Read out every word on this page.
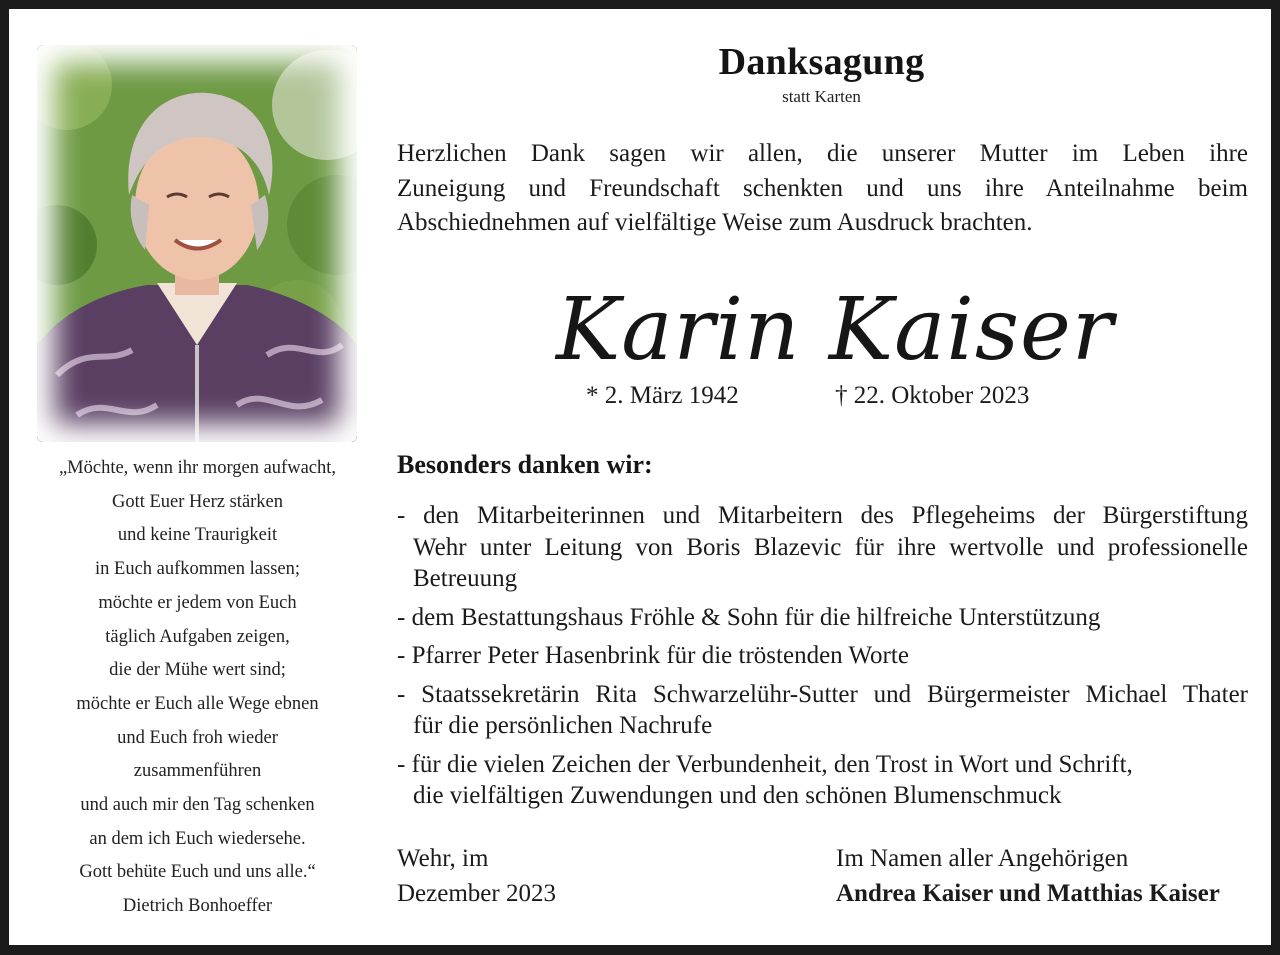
„Möchte, wenn ihr morgen aufwacht,
Gott Euer Herz stärken
und keine Traurigkeit
in Euch aufkommen lassen;
möchte er jedem von Euch
täglich Aufgaben zeigen,
die der Mühe wert sind;
möchte er Euch alle Wege ebnen
und Euch froh wieder
zusammenführen
und auch mir den Tag schenken
an dem ich Euch wiedersehe.
Gott behüte Euch und uns alle.“
Dietrich Bonhoeffer
Danksagung
statt Karten
Herzlichen Dank sagen wir allen, die unserer Mutter im Leben ihre
Zuneigung und Freundschaft schenkten und uns ihre Anteilnahme beim
Abschiednehmen auf vielfältige Weise zum Ausdruck brachten.
Karin Kaiser
* 2. März 1942	† 22. Oktober 2023
Besonders danken wir:
- den Mitarbeiterinnen und Mitarbeitern des Pflegeheims der Bürgerstiftung
Wehr unter Leitung von Boris Blazevic für ihre wertvolle und professionelle
Betreuung
- dem Bestattungshaus Fröhle & Sohn für die hilfreiche Unterstützung
- Pfarrer Peter Hasenbrink für die tröstenden Worte
- Staatssekretärin Rita Schwarzelühr-Sutter und Bürgermeister Michael Thater
für die persönlichen Nachrufe
- für die vielen Zeichen der Verbundenheit, den Trost in Wort und Schrift,
die vielfältigen Zuwendungen und den schönen Blumenschmuck
Wehr, im
Dezember 2023
Im Namen aller Angehörigen
Andrea Kaiser und Matthias Kaiser
